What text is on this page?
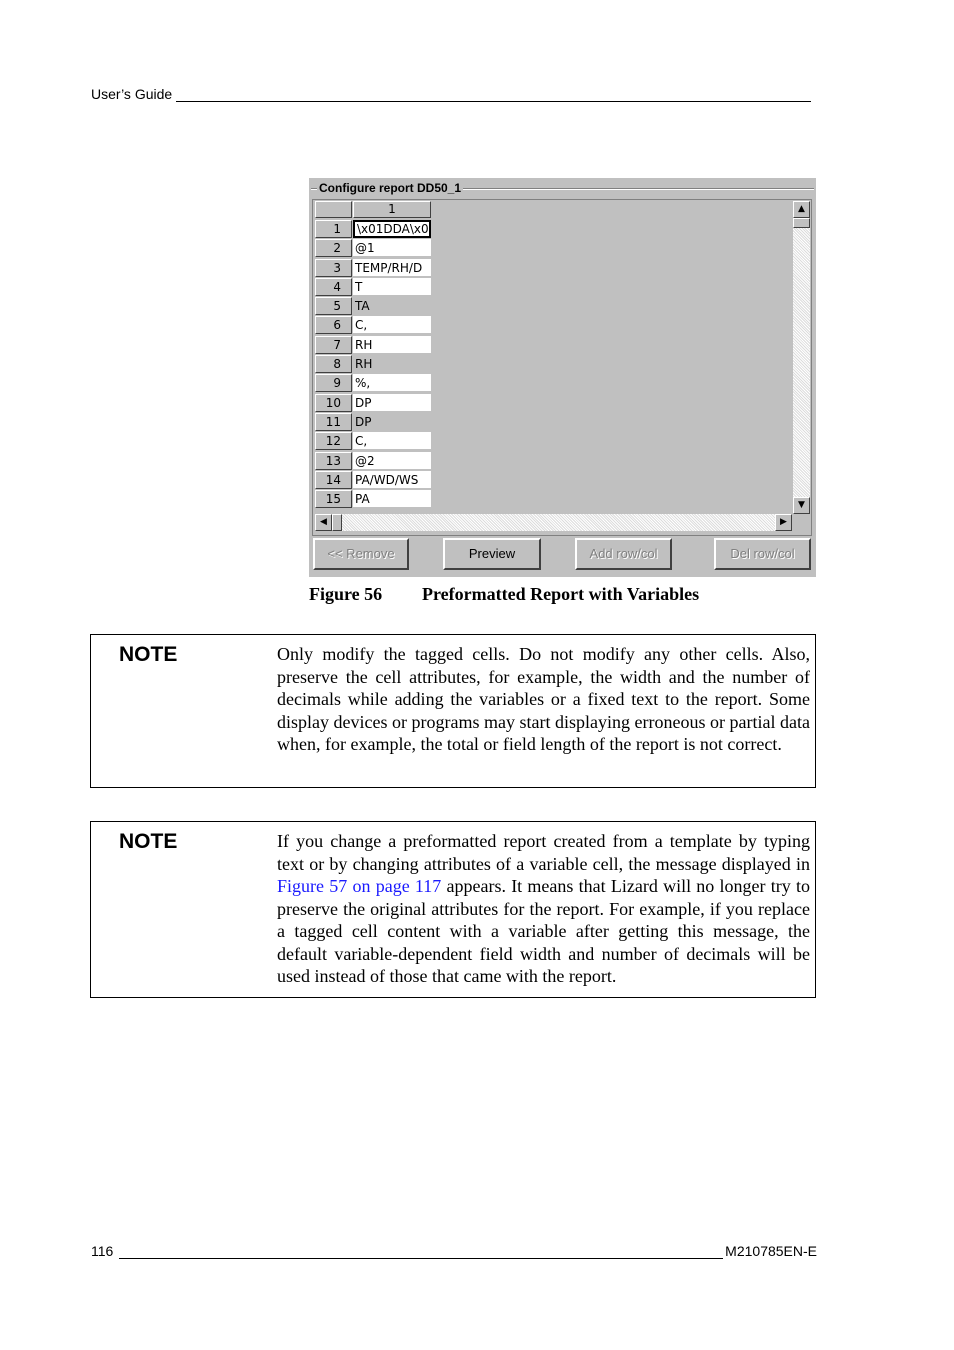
User’s Guide
Configure report DD50_1
1
1	\x01DDA\x0
2	@1
3	TEMP/RH/D
4	T
5	TA
6	C,
7	RH
8	RH
9	%,
10	DP
11	DP
12	C,
13	@2
14	PA/WD/WS
15	PA
▲
▼
◀	▶
<< Remove	Preview	Add row/col	Del row/col
Figure 56 Preformatted Report with Variables
NOTE	Only modify the tagged cells. Do not modify any other cells. Also, preserve the cell attributes, for example, the width and the number of decimals while adding the variables or a fixed text to the report. Some display devices or programs may start displaying erroneous or partial data when, for example, the total or field length of the report is not correct.
NOTE	If you change a preformatted report created from a template by typing text or by changing attributes of a variable cell, the message displayed in Figure 57 on page 117 appears. It means that Lizard will no longer try to preserve the original attributes for the report. For example, if you replace a tagged cell content with a variable after getting this message, the default variable-dependent field width and number of decimals will be used instead of those that came with the report.
116	M210785EN-E
